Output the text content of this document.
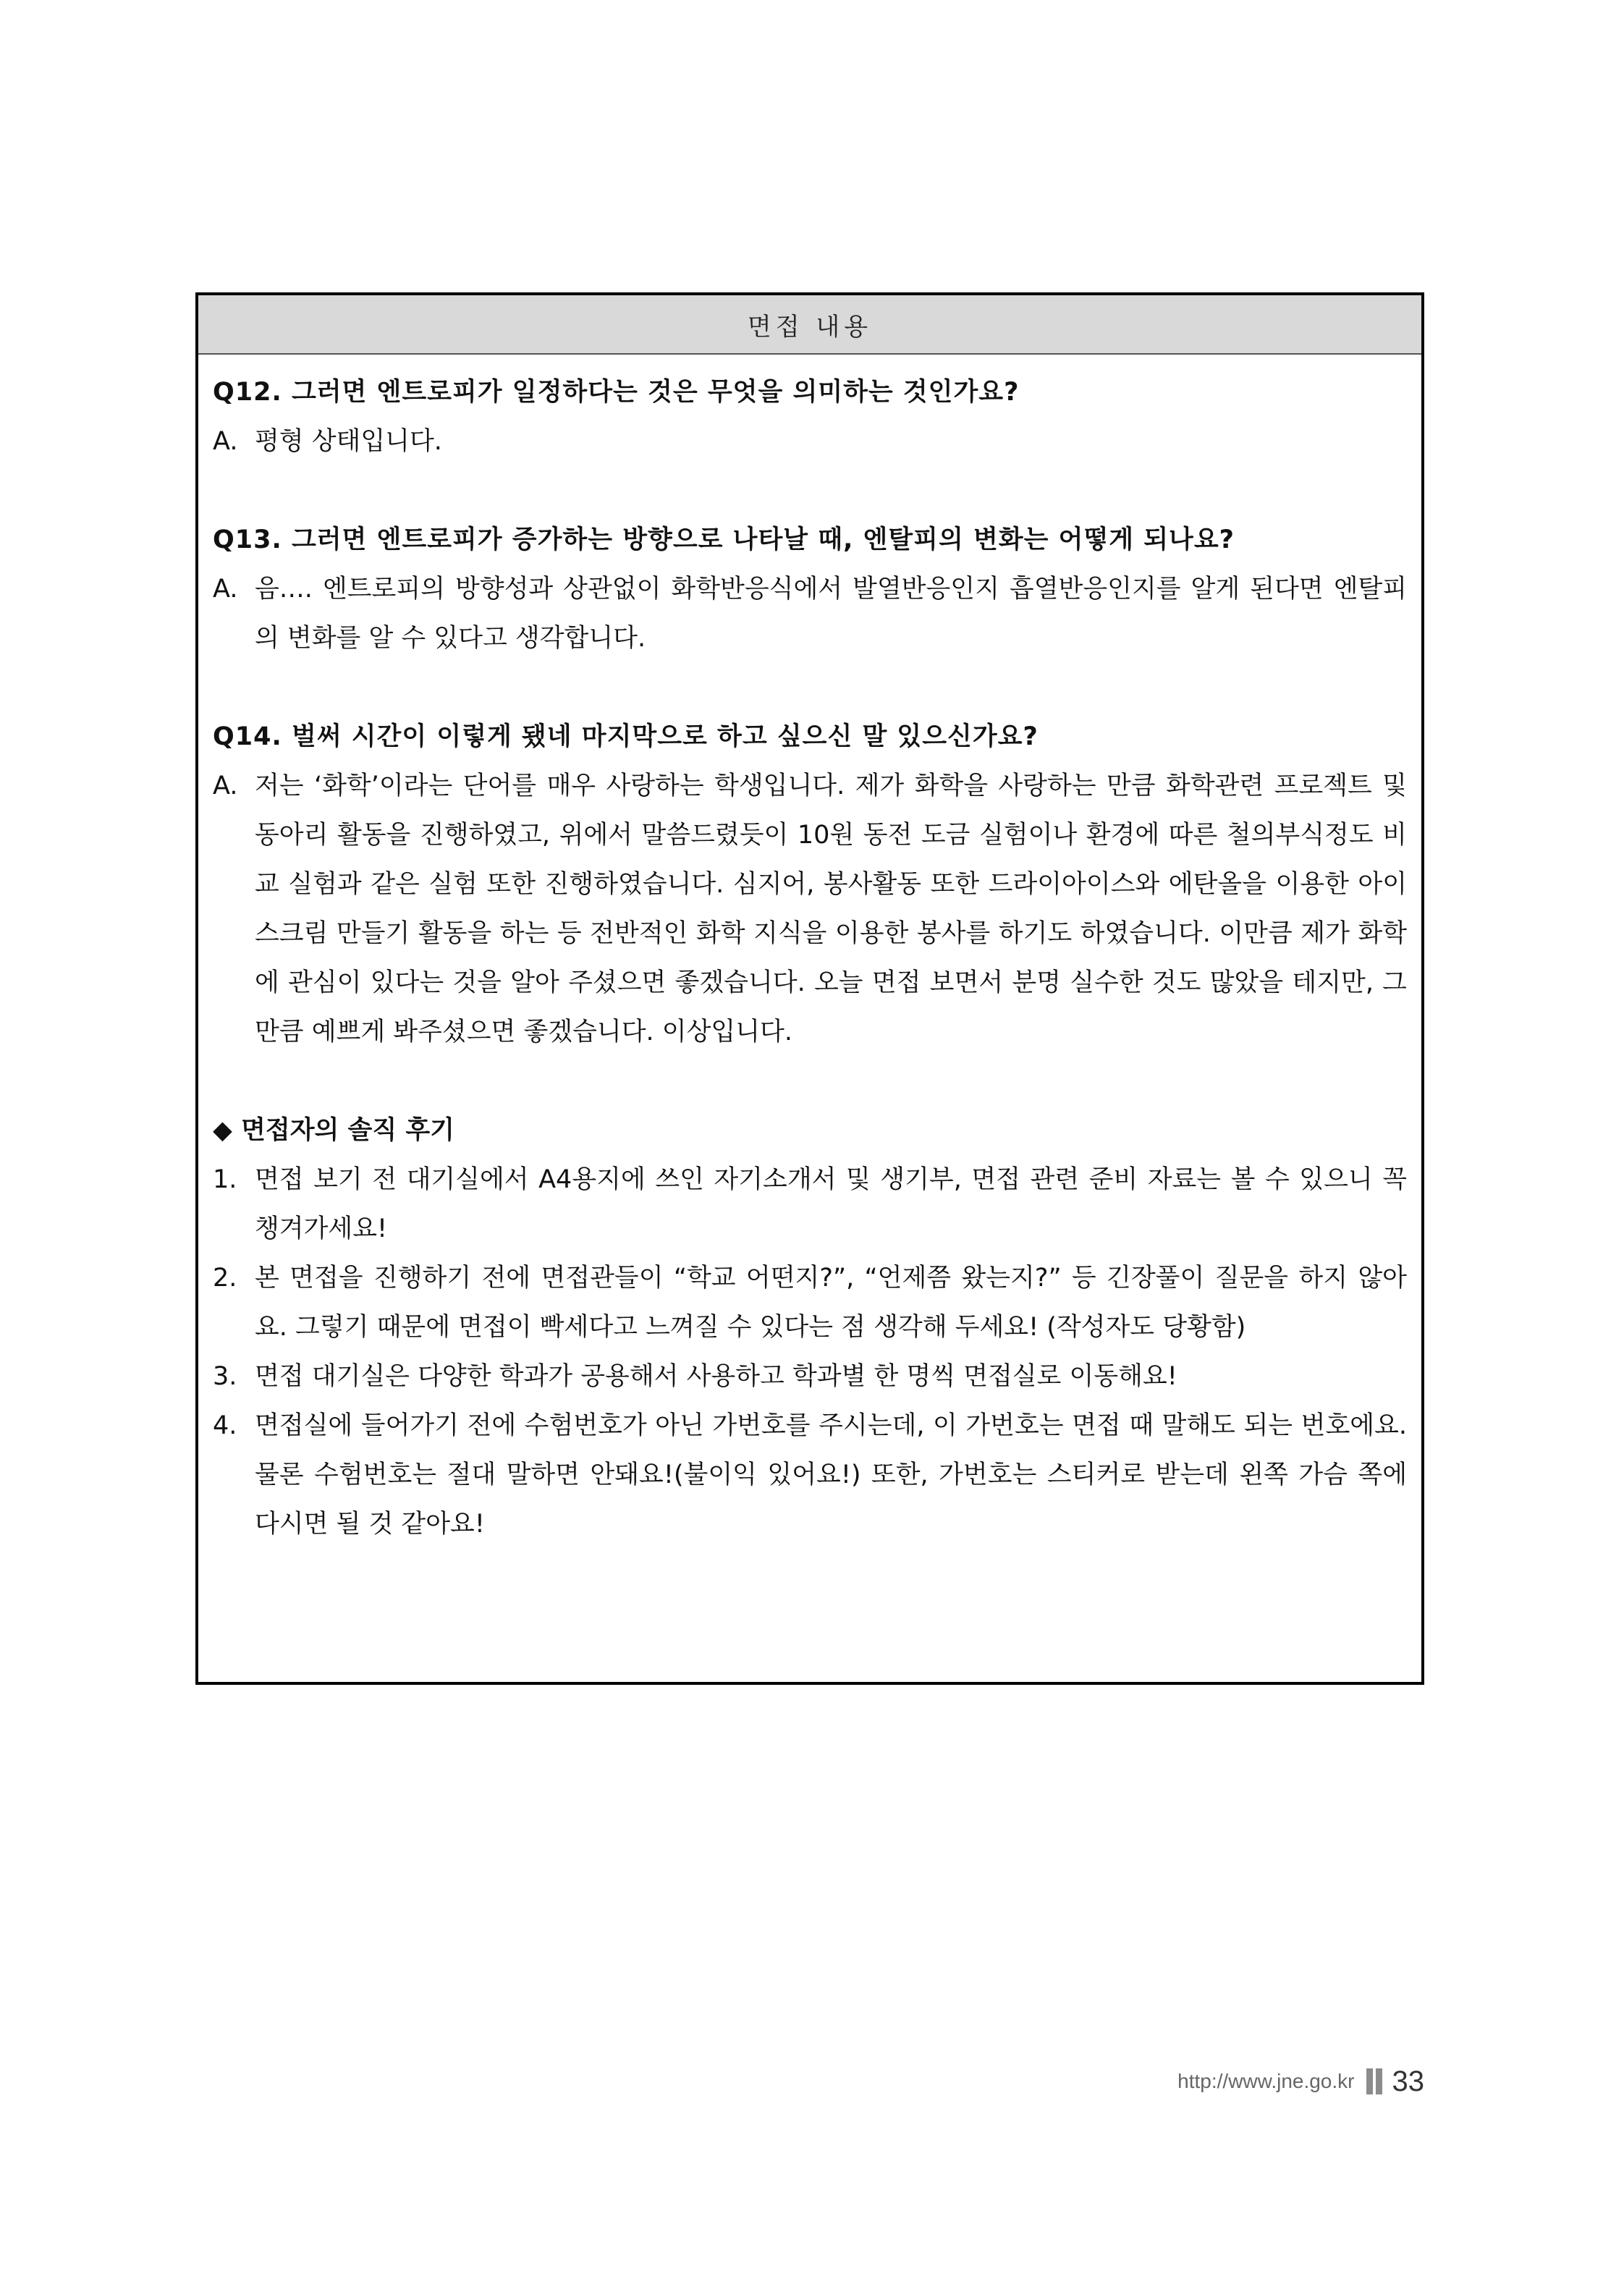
면접 내용

Q12. 그러면 엔트로피가 일정하다는 것은 무엇을 의미하는 것인가요?

A. 평형 상태입니다.

Q13. 그러면 엔트로피가 증가하는 방향으로 나타날 때, 엔탈피의 변화는 어떻게 되나요?

A. 음…. 엔트로피의 방향성과 상관없이 화학반응식에서 발열반응인지 흡열반응인지를 알게 된다면 엔탈피의 변화를 알 수 있다고 생각합니다.

Q14. 벌써 시간이 이렇게 됐네 마지막으로 하고 싶으신 말 있으신가요?

A. 저는 ‘화학’이라는 단어를 매우 사랑하는 학생입니다. 제가 화학을 사랑하는 만큼 화학관련 프로젝트 및 동아리 활동을 진행하였고, 위에서 말씀드렸듯이 10원 동전 도금 실험이나 환경에 따른 철의부식정도 비교 실험과 같은 실험 또한 진행하였습니다. 심지어, 봉사활동 또한 드라이아이스와 에탄올을 이용한 아이스크림 만들기 활동을 하는 등 전반적인 화학 지식을 이용한 봉사를 하기도 하였습니다. 이만큼 제가 화학에 관심이 있다는 것을 알아 주셨으면 좋겠습니다. 오늘 면접 보면서 분명 실수한 것도 많았을 테지만, 그만큼 예쁘게 봐주셨으면 좋겠습니다. 이상입니다.

◆ 면접자의 솔직 후기

1. 면접 보기 전 대기실에서 A4용지에 쓰인 자기소개서 및 생기부, 면접 관련 준비 자료는 볼 수 있으니 꼭 챙겨가세요!
2. 본 면접을 진행하기 전에 면접관들이 “학교 어떤지?”, “언제쯤 왔는지?” 등 긴장풀이 질문을 하지 않아요. 그렇기 때문에 면접이 빡세다고 느껴질 수 있다는 점 생각해 두세요! (작성자도 당황함)
3. 면접 대기실은 다양한 학과가 공용해서 사용하고 학과별 한 명씩 면접실로 이동해요!
4. 면접실에 들어가기 전에 수험번호가 아닌 가번호를 주시는데, 이 가번호는 면접 때 말해도 되는 번호에요. 물론 수험번호는 절대 말하면 안돼요!(불이익 있어요!) 또한, 가번호는 스티커로 받는데 왼쪽 가슴 쪽에 다시면 될 것 같아요!
http://www.jne.go.kr 33
